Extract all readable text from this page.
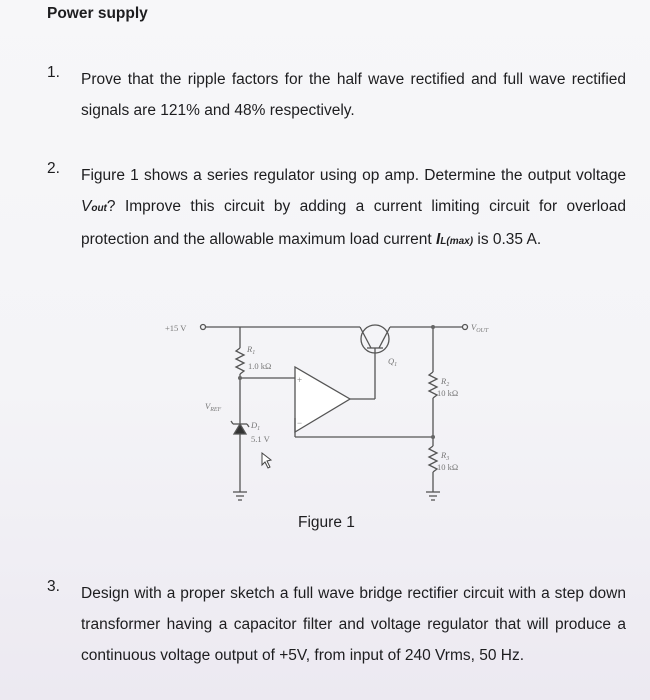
Power supply
1. Prove that the ripple factors for the half wave rectified and full wave rectified signals are 121% and 48% respectively.

2. Figure 1 shows a series regulator using op amp. Determine the output voltage Vout? Improve this circuit by adding a current limiting circuit for overload protection and the allowable maximum load current IL(max) is 0.35 A.

+15 V
$R_1$
1.0 kΩ
$V_{REF}$
$D_1$
5.1 V
$Q_1$
$R_2$
10 kΩ
$R_3$
10 kΩ
$V_{OUT}$
+
−
Figure 1
3. Design with a proper sketch a full wave bridge rectifier circuit with a step down transformer having a capacitor filter and voltage regulator that will produce a continuous voltage output of +5V, from input of 240 Vrms, 50 Hz.
